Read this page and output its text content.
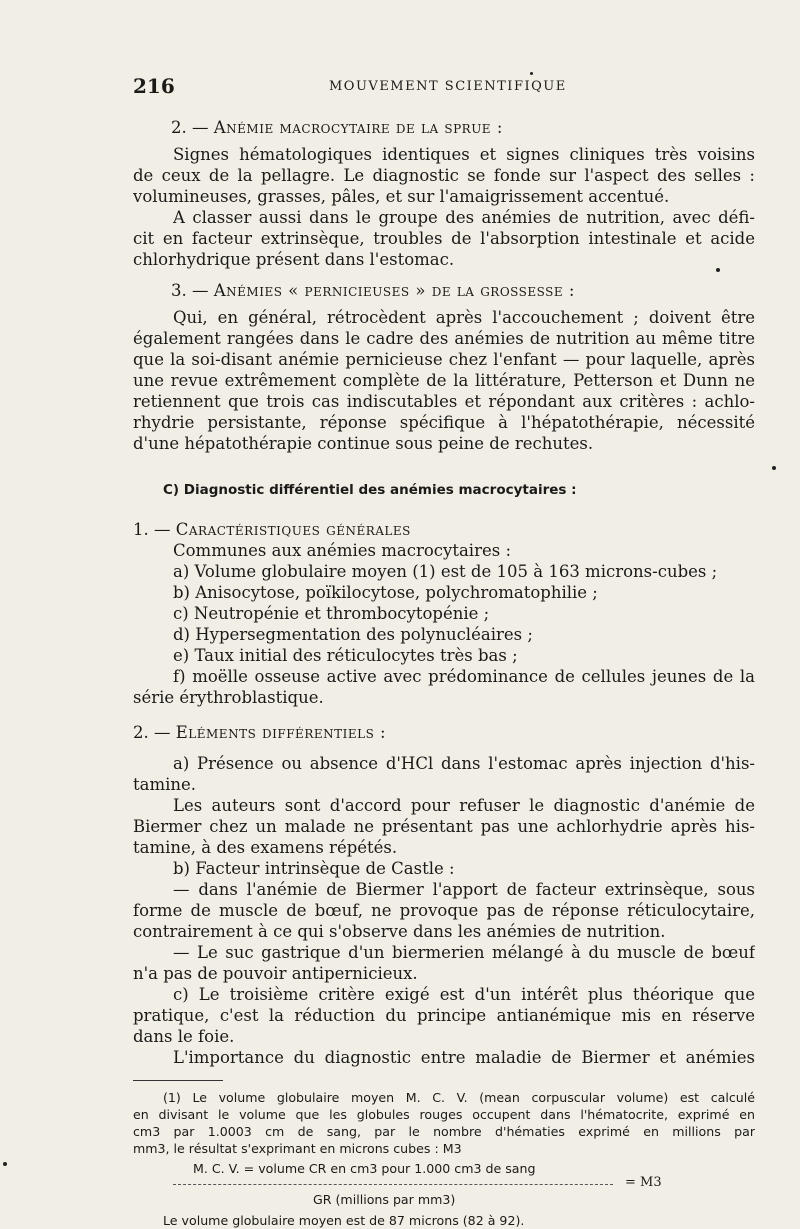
216	MOUVEMENT SCIENTIFIQUE
2. — Anémie macrocytaire de la sprue :
Signes hématologiques identiques et signes cliniques très voisins
de ceux de la pellagre. Le diagnostic se fonde sur l'aspect des selles :
volumineuses, grasses, pâles, et sur l'amaigrissement accentué.
A classer aussi dans le groupe des anémies de nutrition, avec défi-
cit en facteur extrinsèque, troubles de l'absorption intestinale et acide
chlorhydrique présent dans l'estomac.
3. — Anémies « pernicieuses » de la grossesse :
Qui, en général, rétrocèdent après l'accouchement ; doivent être
également rangées dans le cadre des anémies de nutrition au même titre
que la soi-disant anémie pernicieuse chez l'enfant — pour laquelle, après
une revue extrêmement complète de la littérature, Petterson et Dunn ne
retiennent que trois cas indiscutables et répondant aux critères : achlo-
rhydrie persistante, réponse spécifique à l'hépatothérapie, nécessité
d'une hépatothérapie continue sous peine de rechutes.
C) Diagnostic différentiel des anémies macrocytaires :
1. — Caractéristiques générales
Communes aux anémies macrocytaires :
a) Volume globulaire moyen (1) est de 105 à 163 microns-cubes ;
b) Anisocytose, poïkilocytose, polychromatophilie ;
c) Neutropénie et thrombocytopénie ;
d) Hypersegmentation des polynucléaires ;
e) Taux initial des réticulocytes très bas ;
f) moëlle osseuse active avec prédominance de cellules jeunes de la
série érythroblastique.
2. — Eléments différentiels :
a) Présence ou absence d'HCl dans l'estomac après injection d'his-
tamine.
Les auteurs sont d'accord pour refuser le diagnostic d'anémie de
Biermer chez un malade ne présentant pas une achlorhydrie après his-
tamine, à des examens répétés.
b) Facteur intrinsèque de Castle :
— dans l'anémie de Biermer l'apport de facteur extrinsèque, sous
forme de muscle de bœuf, ne provoque pas de réponse réticulocytaire,
contrairement à ce qui s'observe dans les anémies de nutrition.
— Le suc gastrique d'un biermerien mélangé à du muscle de bœuf
n'a pas de pouvoir antipernicieux.
c) Le troisième critère exigé est d'un intérêt plus théorique que
pratique, c'est la réduction du principe antianémique mis en réserve
dans le foie.
L'importance du diagnostic entre maladie de Biermer et anémies
(1) Le volume globulaire moyen M. C. V. (mean corpuscular volume) est calculé
en divisant le volume que les globules rouges occupent dans l'hématocrite, exprimé en
cm3 par 1.0003 cm de sang, par le nombre d'hématies exprimé en millions par
mm3, le résultat s'exprimant en microns cubes : M3
M. C. V. = volume CR en cm3 pour 1.000 cm3 de sang
= M3
GR (millions par mm3)
Le volume globulaire moyen est de 87 microns (82 à 92).
